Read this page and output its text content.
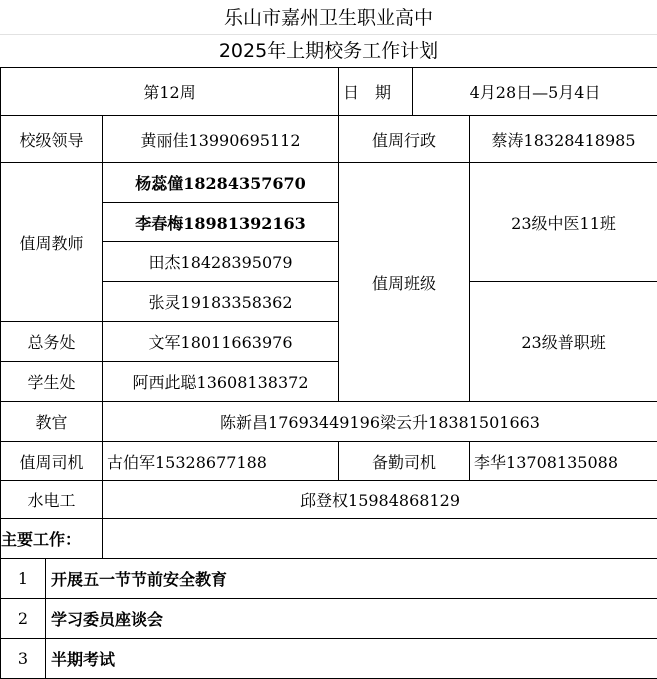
乐山市嘉州卫生职业高中
2025年上期校务工作计划
第12周			日　期	4月28日—5月4日	
校级领导		黄丽佳13990695112	值周行政		蔡涛18328418985
值周教师		杨蕊僮18284357670	值周班级		23级中医11班
		李春梅18981392163			
		田杰18428395079			
		张灵19183358362			23级普职班
总务处		文军18011663976			
学生处		阿西此聪13608138372			
教官		陈新昌17693449196梁云升18381501663			
值周司机		古伯军15328677188	备勤司机		李华13708135088
水电工		邱登权15984868129			
主要工作：					
1	开展五一节节前安全教育				
2	学习委员座谈会				
3	半期考试				
